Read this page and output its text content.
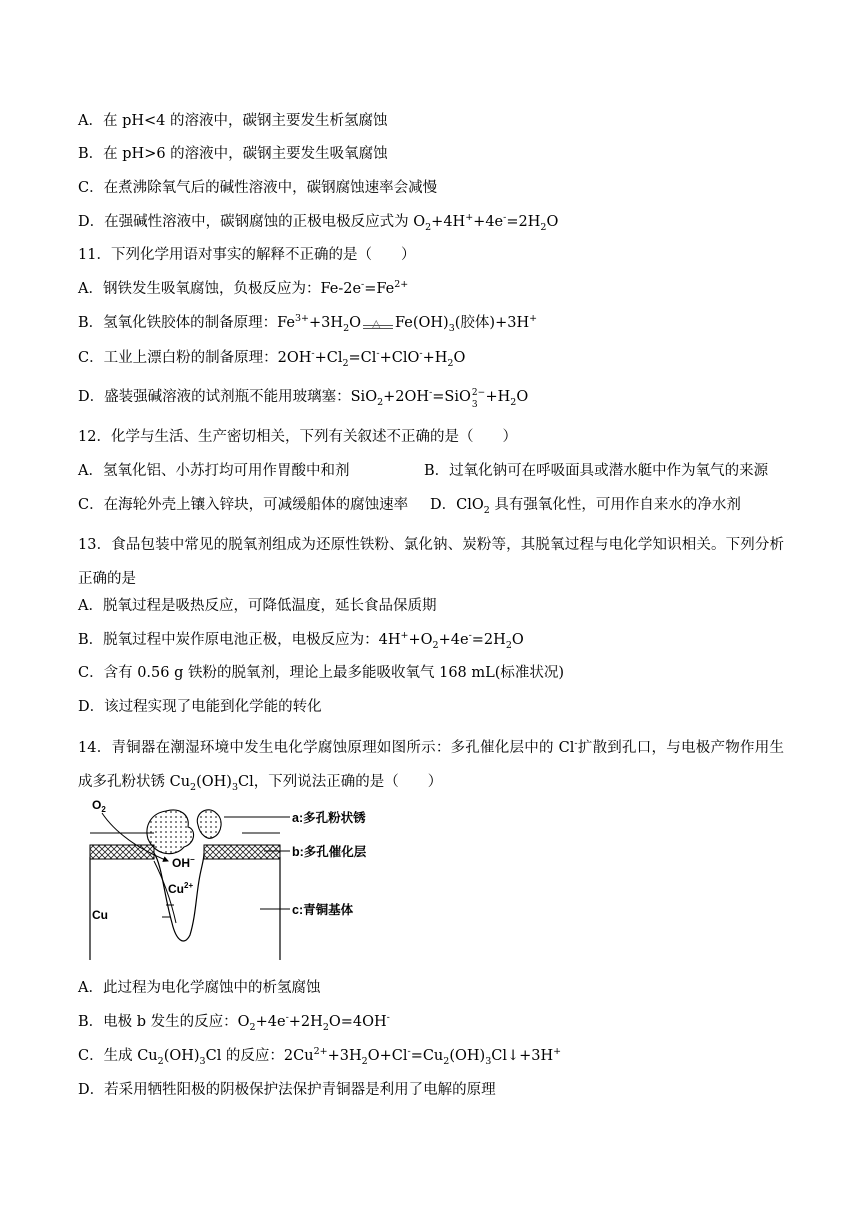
A．在 pH<4 的溶液中，碳钢主要发生析氢腐蚀
B．在 pH>6 的溶液中，碳钢主要发生吸氧腐蚀
C．在煮沸除氧气后的碱性溶液中，碳钢腐蚀速率会减慢
D．在强碱性溶液中，碳钢腐蚀的正极电极反应式为 $O_2+4H^++4e^-=2H_2O$
11．下列化学用语对事实的解释不正确的是（　　）
A．钢铁发生吸氧腐蚀，负极反应为：$Fe-2e^-=Fe^{2+}$
B．氢氧化铁胶体的制备原理：$Fe^{3+}+3H_2O$ △ $Fe(OH)_3$(胶体)+3H+
C．工业上漂白粉的制备原理：$2OH^-+Cl_2=Cl^-+ClO^-+H_2O$
D．盛装强碱溶液的试剂瓶不能用玻璃塞：SiO$_2$+2OH-=SiO 2−
$3 +H_2O$
12．化学与生活、生产密切相关，下列有关叙述不正确的是（　　）
A．氢氧化铝、小苏打均可用作胃酸中和剂	B．过氧化钠可在呼吸面具或潜水艇中作为氧气的来源
C．在海轮外壳上镶入锌块，可减缓船体的腐蚀速率 D．ClO$_2$ 具有强氧化性，可用作自来水的净水剂
13．食品包装中常见的脱氧剂组成为还原性铁粉、氯化钠、炭粉等，其脱氧过程与电化学知识相关。下列分析正确的是
A．脱氧过程是吸热反应，可降低温度，延长食品保质期
B．脱氧过程中炭作原电池正极，电极反应为：$4H^++O_2+4e^-=2H_2O$
C．含有 0.56 g 铁粉的脱氧剂，理论上最多能吸收氧气 168 mL(标准状况)
D．该过程实现了电能到化学能的转化
14．青铜器在潮湿环境中发生电化学腐蚀原理如图所示：多孔催化层中的 Cl-扩散到孔口，与电极产物作用生成多孔粉状锈 $Cu_2(OH)_3Cl$，下列说法正确的是（　　）
$O_2$
OH−
$Cu^{2+}$
Cu
a:多孔粉状锈
b:多孔催化层
c:青铜基体
A．此过程为电化学腐蚀中的析氢腐蚀
B．电极 b 发生的反应：$O_2+4e^-+2H_2O=4OH^-$
C．生成 $Cu_2(OH)_3Cl$ 的反应：$2Cu^{2+}+3H_2O+Cl^-=Cu_2(OH)_3Cl↓+3H^+$
D．若采用牺牲阳极的阴极保护法保护青铜器是利用了电解的原理
